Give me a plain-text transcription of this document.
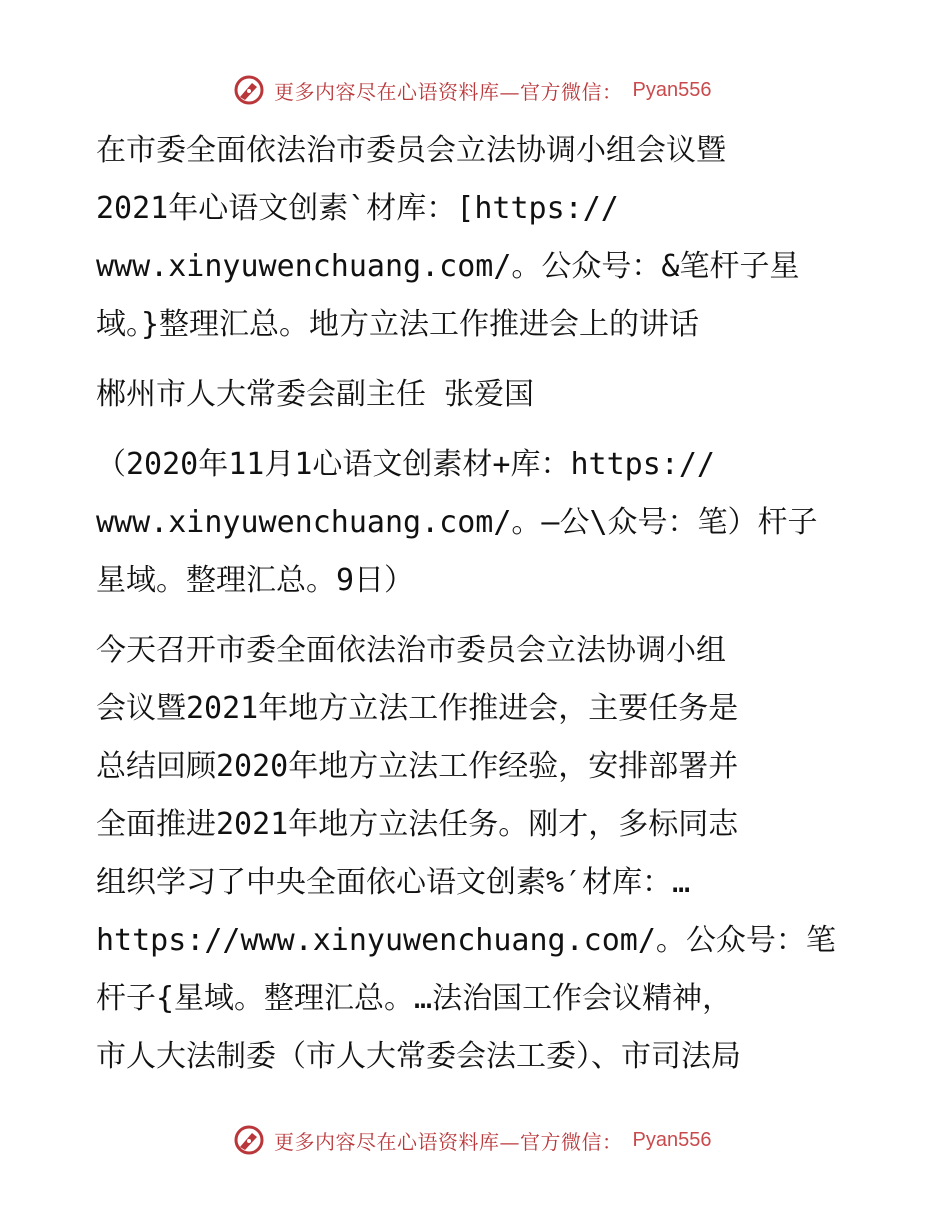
更多内容尽在心语资料库—官方微信： Pyan556
在市委全面依法治市委员会立法协调小组会议暨
2021年心语文创素`材库：[https://
www.xinyuwenchuang.com/。公众号：&笔杆子星
域。}整理汇总。地方立法工作推进会上的讲话
郴州市人大常委会副主任 张爱国
（2020年11月1心语文创素材+库：https://
www.xinyuwenchuang.com/。—公\众号：笔）杆子
星域。整理汇总。9日）
今天召开市委全面依法治市委员会立法协调小组
会议暨2021年地方立法工作推进会，主要任务是
总结回顾2020年地方立法工作经验，安排部署并
全面推进2021年地方立法任务。刚才，多标同志
组织学习了中央全面依心语文创素%′材库：…
https://www.xinyuwenchuang.com/。公众号：笔
杆子{星域。整理汇总。…法治国工作会议精神，
市人大法制委（市人大常委会法工委）、市司法局
更多内容尽在心语资料库—官方微信： Pyan556
